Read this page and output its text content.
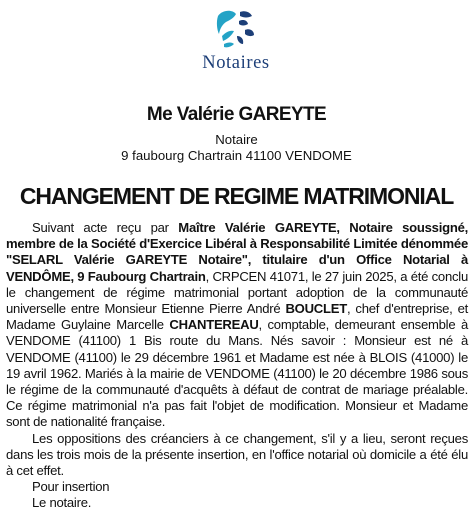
Notaires
Me Valérie GAREYTE
Notaire
9 faubourg Chartrain 41100 VENDOME
CHANGEMENT DE REGIME MATRIMONIAL

Suivant acte reçu par Maître Valérie GAREYTE, Notaire soussigné, membre de la Société d'Exercice Libéral à Responsabilité Limitée dénommée "SELARL Valérie GAREYTE Notaire", titulaire d'un Office Notarial à VENDÔME, 9 Faubourg Chartrain, CRPCEN 41071, le 27 juin 2025, a été conclu le changement de régime matrimonial portant adoption de la communauté universelle entre Monsieur Etienne Pierre André BOUCLET, chef d'entreprise, et Madame Guylaine Marcelle CHANTEREAU, comptable, demeurant ensemble à VENDOME (41100) 1 Bis route du Mans. Nés savoir : Monsieur est né à VENDOME (41100) le 29 décembre 1961 et Madame est née à BLOIS (41000) le 19 avril 1962. Mariés à la mairie de VENDOME (41100) le 20 décembre 1986 sous le régime de la communauté d'acquêts à défaut de contrat de mariage préalable. Ce régime matrimonial n'a pas fait l'objet de modification. Monsieur et Madame sont de nationalité française.

Les oppositions des créanciers à ce changement, s'il y a lieu, seront reçues dans les trois mois de la présente insertion, en l'office notarial où domicile a été élu à cet effet.

Pour insertion

Le notaire.
